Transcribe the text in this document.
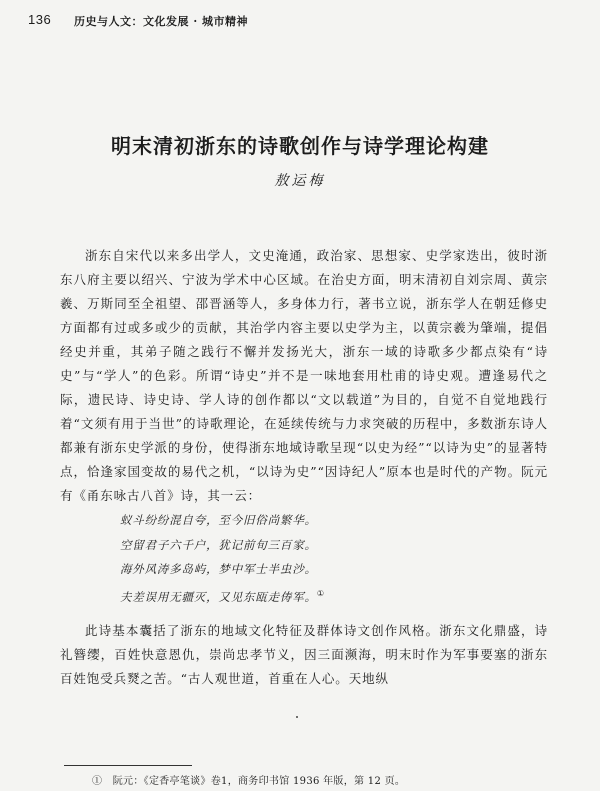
136 历史与人文：文化发展 · 城市精神
明末清初浙东的诗歌创作与诗学理论构建
敖运梅

浙东自宋代以来多出学人，文史淹通，政治家、思想家、史学家迭出，彼时浙东八府主要以绍兴、宁波为学术中心区域。在治史方面，明末清初自刘宗周、黄宗羲、万斯同至全祖望、邵晋涵等人，多身体力行，著书立说，浙东学人在朝廷修史方面都有过或多或少的贡献，其治学内容主要以史学为主，以黄宗羲为肇端，提倡经史并重，其弟子随之践行不懈并发扬光大，浙东一域的诗歌多少都点染有“诗史”与“学人”的色彩。所谓“诗史”并不是一味地套用杜甫的诗史观。遭逢易代之际，遗民诗、诗史诗、学人诗的创作都以“文以载道”为目的，自觉不自觉地践行着“文须有用于当世”的诗歌理论，在延续传统与力求突破的历程中，多数浙东诗人都兼有浙东史学派的身份，使得浙东地域诗歌呈现“以史为经”“以诗为史”的显著特点，恰逢家国变故的易代之机，“以诗为史”“因诗纪人”原本也是时代的产物。阮元有《甬东咏古八首》诗，其一云：

蚁斗纷纷混自夸，至今旧俗尚繁华。
空留君子六千户，犹记前旬三百家。
海外风涛多岛屿，梦中军士半虫沙。
夫差误用无疆灭，又见东瓯走俦军。①

此诗基本囊括了浙东的地域文化特征及群体诗文创作风格。浙东文化鼎盛，诗礼簪缨，百姓快意恩仇，崇尚忠孝节义，因三面濒海，明末时作为军事要塞的浙东百姓饱受兵燹之苦。“古人观世道，首重在人心。天地纵

① 阮元：《定香亭笔谈》卷1，商务印书馆 1936 年版，第 12 页。
